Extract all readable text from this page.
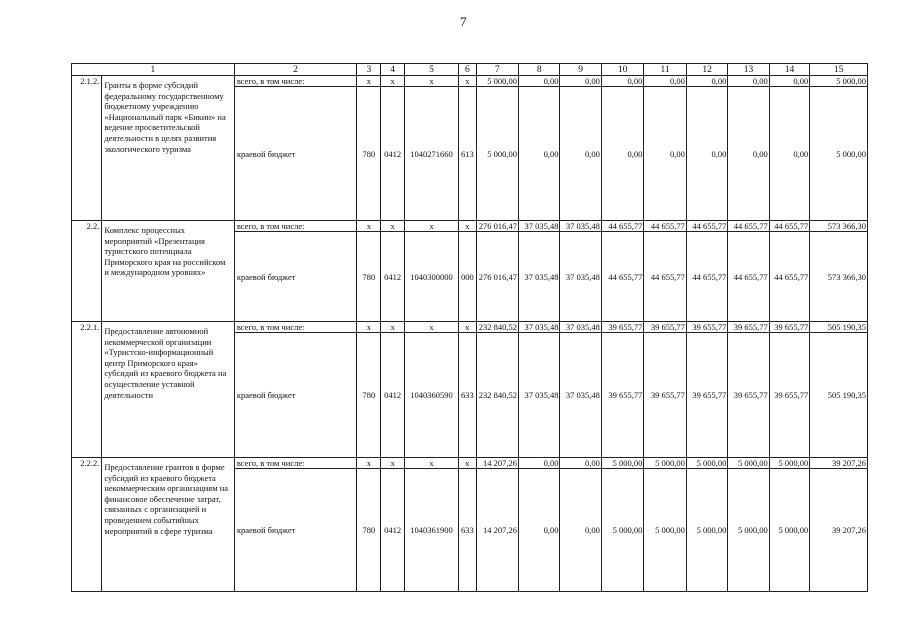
7
1		2	3	4	5	6	7	8	9	10	11	12	13	14	15
2.1.2.	Гранты в форме субсидий федеральному государственному бюджетному учреждению «Национальный парк «Бикин» на ведение просветительской деятельности в целях развития экологического туризма	всего, в том числе:	x	x	x	x	5 000,00	0,00	0,00	0,00	0,00	0,00	0,00	0,00	5 000,00
		краевой бюджет	780	0412	1040271660	613	5 000,00	0,00	0,00	0,00	0,00	0,00	0,00	0,00	5 000,00
2.2.	Комплекс процессных мероприятий «Презентация туристского потенциала Приморского края на российском и международном уровнях»	всего, в том числе:	x	x	x	x	276 016,47	37 035,48	37 035,48	44 655,77	44 655,77	44 655,77	44 655,77	44 655,77	573 366,30
		краевой бюджет	780	0412	1040300000	000	276 016,47	37 035,48	37 035,48	44 655,77	44 655,77	44 655,77	44 655,77	44 655,77	573 366,30
2.2.1.	Предоставление автономной некоммерческой организации «Туристско-информационный центр Приморского края» субсидий из краевого бюджета на осуществление уставной деятельности	всего, в том числе:	x	x	x	x	232 840,52	37 035,48	37 035,48	39 655,77	39 655,77	39 655,77	39 655,77	39 655,77	505 190,35
		краевой бюджет	780	0412	1040360590	633	232 840,52	37 035,48	37 035,48	39 655,77	39 655,77	39 655,77	39 655,77	39 655,77	505 190,35
2.2.2.	Предоставление грантов в форме субсидий из краевого бюджета некоммерческим организациям на финансовое обеспечение затрат, связанных с организацией и проведением событийных мероприятий в сфере туризма	всего, в том числе:	x	x	x	x	14 207,26	0,00	0,00	5 000,00	5 000,00	5 000,00	5 000,00	5 000,00	39 207,26
		краевой бюджет	780	0412	1040361900	633	14 207,26	0,00	0,00	5 000,00	5 000,00	5 000,00	5 000,00	5 000,00	39 207,26
